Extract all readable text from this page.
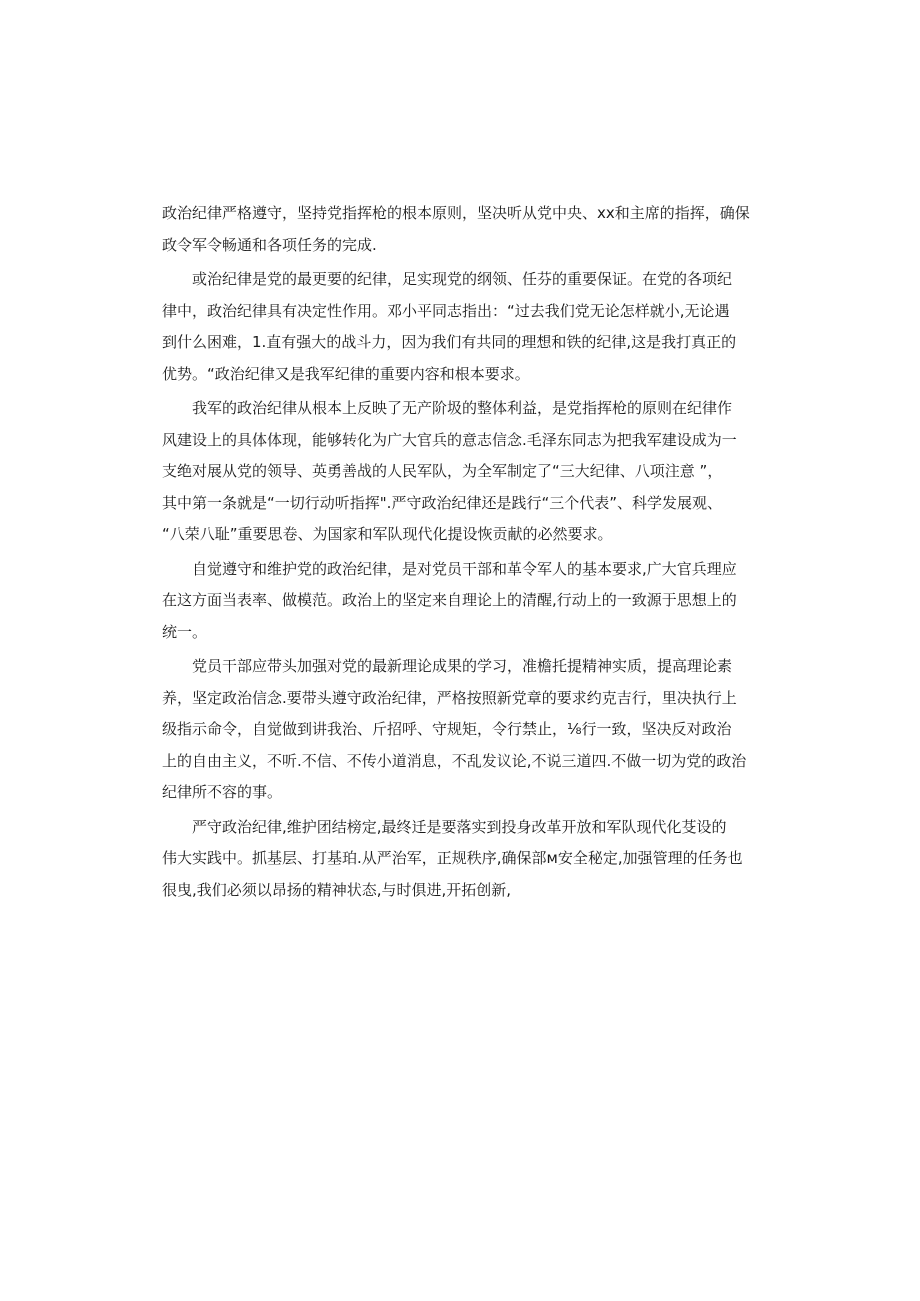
政治纪律严格遵守，坚持党指挥枪的根本原则，坚决听从党中央、xx和主席的指挥，确保
政令军令畅通和各项任务的完成.

或治纪律是党的最更要的纪律，足实现党的纲领、任芬的重要保证。在党的各项纪
律中，政治纪律具有决定性作用。邓小平同志指出：“过去我们党无论怎样就小,无论遇
到什么困难，1.直有强大的战斗力，因为我们有共同的理想和铁的纪律,这是我打真正的
优势。“政治纪律又是我军纪律的重要内容和根本要求。

我军的政治纪律从根本上反映了无产阶圾的整体利益，是党指挥枪的原则在纪律作
风建设上的具体体现，能够转化为广大官兵的意志信念.毛泽东同志为把我军建设成为一
支绝对展从党的领导、英勇善战的人民军队，为全军制定了“三大纪律、八项注意 ”，
其中第一条就是“一切行动听指挥".严守政治纪律还是践行“三个代表”、科学发展观、
“八荣八耻”重要思卷、为国家和军队现代化提设恢贡献的必然要求。

自觉遵守和维护党的政治纪律，是对党员干部和革令军人的基本要求,广大官兵理应
在这方面当表率、做模范。政治上的坚定来自理论上的清醒,行动上的一致源于思想上的
统一。

党员干部应带头加强对党的最新理论成果的学习，准檐托提精神实质，提高理论素
养，坚定政治信念.要带头遵守政治纪律，严格按照新党章的要求约克吉行，里决执行上
级指示命令，自觉做到讲我治、斤招呼、守规矩，令行禁止，⅛行一致，坚决反对政治
上的自由主义，不听.不信、不传小道消息，不乱发议论,不说三道四.不做一切为党的政治
纪律所不容的事。

严守政治纪律,维护团结榜定,最终迁是要落实到投身改革开放和军队现代化芟设的
伟大实践中。抓基层、打基珀.从严治军，正规秩序,确保部м安全秘定,加强管理的任务也
很曳,我们必须以昂扬的精神状态,与时俱进,开拓创新,
